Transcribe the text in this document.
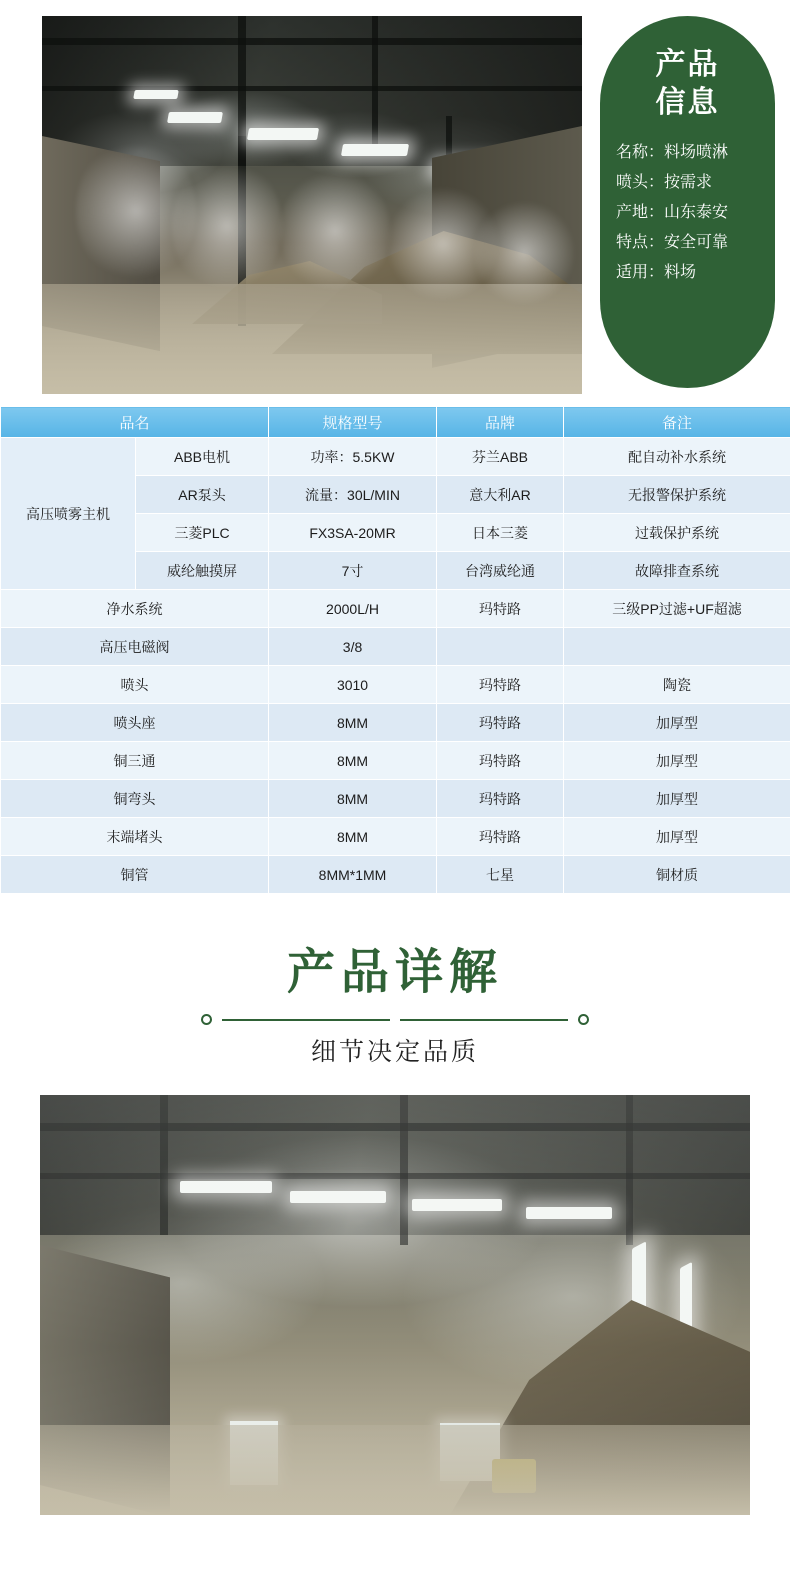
产品
信息
名称：料场喷淋
喷头：按需求
产地：山东泰安
特点：安全可靠
适用：料场
品名		规格型号	品牌	备注
高压喷雾主机	ABB电机	功率：5.5KW	芬兰ABB	配自动补水系统
	AR泵头	流量：30L/MIN	意大利AR	无报警保护系统
	三菱PLC	FX3SA-20MR	日本三菱	过载保护系统
	威纶触摸屏	7寸	台湾威纶通	故障排查系统
净水系统		2000L/H	玛特路	三级PP过滤+UF超滤
高压电磁阀		3/8		
喷头		3010	玛特路	陶瓷
喷头座		8MM	玛特路	加厚型
铜三通		8MM	玛特路	加厚型
铜弯头		8MM	玛特路	加厚型
末端堵头		8MM	玛特路	加厚型
铜管		8MM*1MM	七星	铜材质
产品详解
细节决定品质
